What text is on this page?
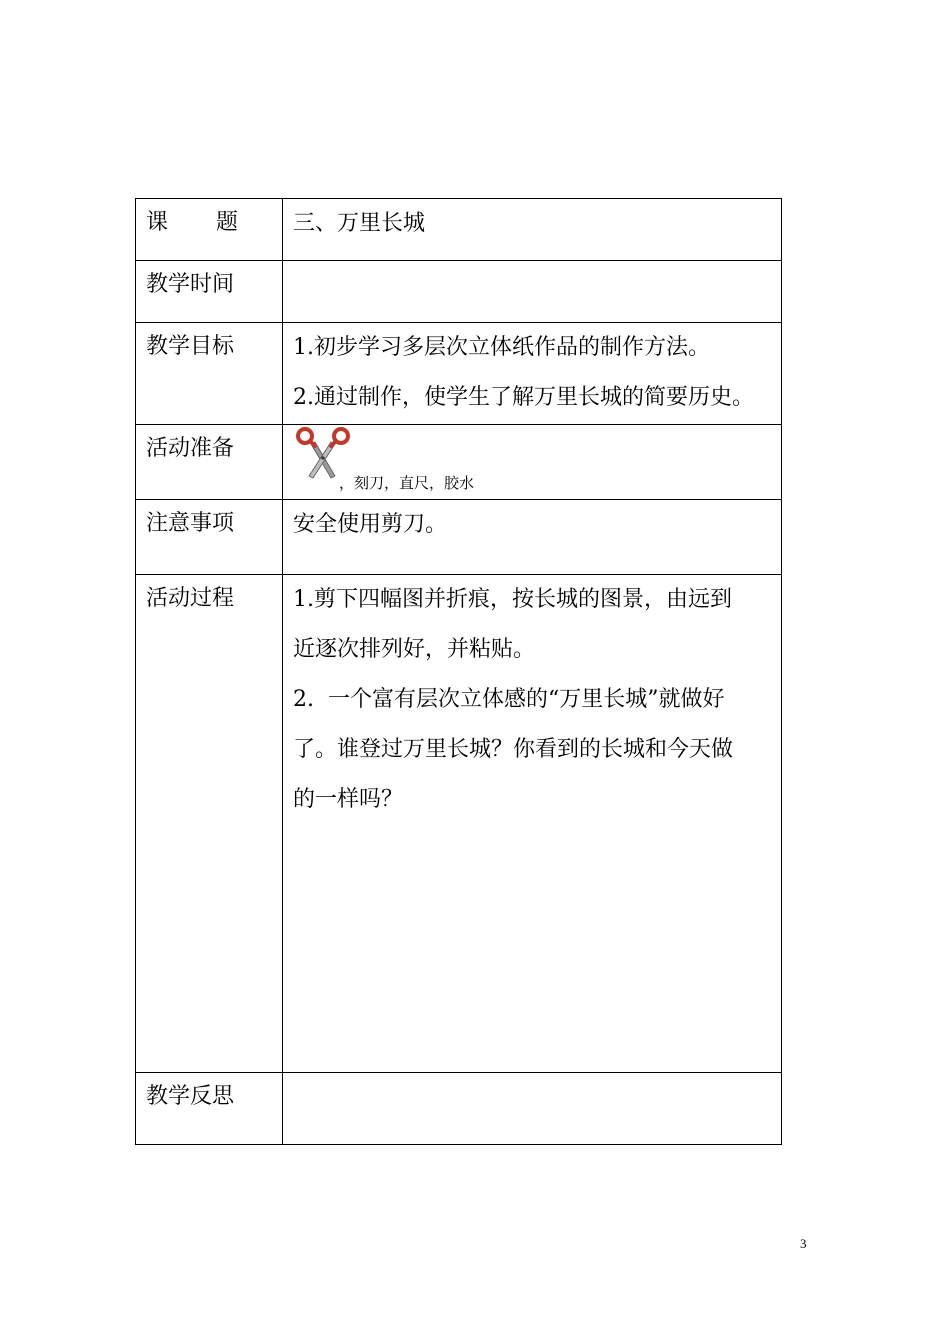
课 题	三、万里长城

教学时间	
教学目标	1.初步学习多层次立体纸作品的制作方法。
2.通过制作，使学生了解万里长城的简要历史。

活动准备	，刻刀，直尺，胶水

注意事项	安全使用剪刀。

活动过程	1.剪下四幅图并折痕，按长城的图景，由远到
近逐次排列好，并粘贴。
2.  一个富有层次立体感的“万里长城”就做好
了。谁登过万里长城？你看到的长城和今天做
的一样吗？

教学反思	
3
